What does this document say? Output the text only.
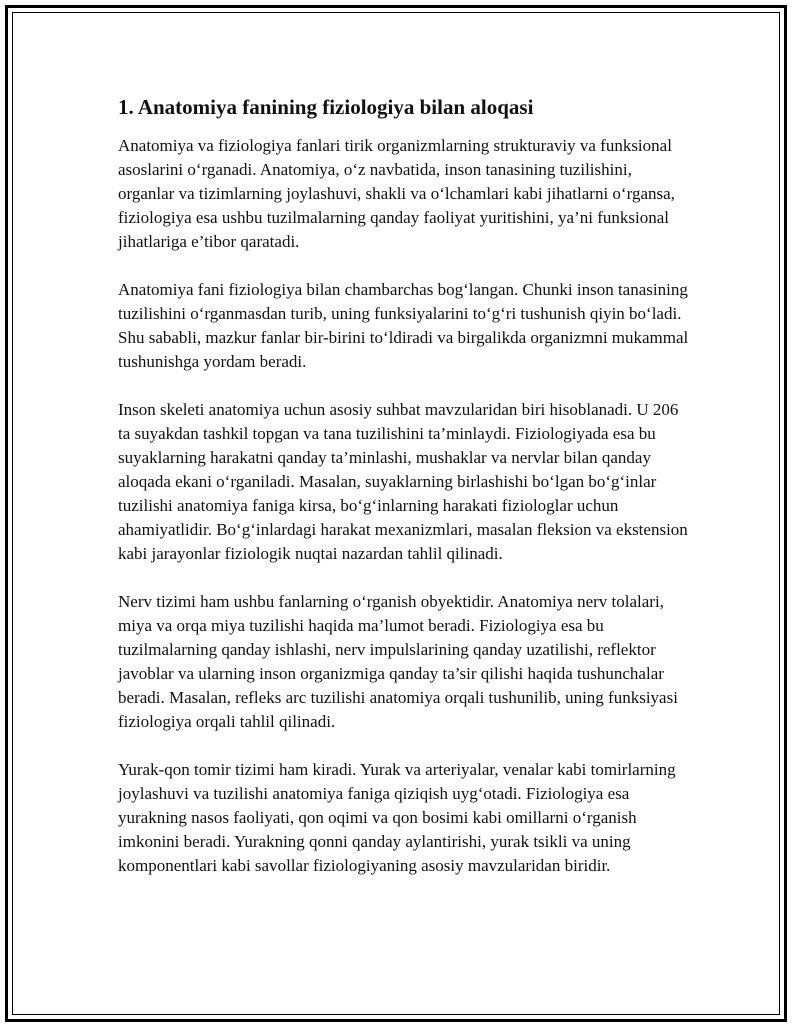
1. Anatomiya fanining fiziologiya bilan aloqasi

Anatomiya va fiziologiya fanlari tirik organizmlarning strukturaviy va funksional asoslarini oʻrganadi. Anatomiya, oʻz navbatida, inson tanasining tuzilishini, organlar va tizimlarning joylashuvi, shakli va oʻlchamlari kabi jihatlarni oʻrgansa, fiziologiya esa ushbu tuzilmalarning qanday faoliyat yuritishini, ya’ni funksional jihatlariga e’tibor qaratadi.

Anatomiya fani fiziologiya bilan chambarchas bogʻlangan. Chunki inson tanasining tuzilishini oʻrganmasdan turib, uning funksiyalarini toʻgʻri tushunish qiyin boʻladi. Shu sababli, mazkur fanlar bir-birini toʻldiradi va birgalikda organizmni mukammal tushunishga yordam beradi.

Inson skeleti anatomiya uchun asosiy suhbat mavzularidan biri hisoblanadi. U 206 ta suyakdan tashkil topgan va tana tuzilishini ta’minlaydi. Fiziologiyada esa bu suyaklarning harakatni qanday ta’minlashi, mushaklar va nervlar bilan qanday aloqada ekani oʻrganiladi. Masalan, suyaklarning birlashishi boʻlgan boʻgʻinlar tuzilishi anatomiya faniga kirsa, boʻgʻinlarning harakati fiziologlar uchun ahamiyatlidir. Boʻgʻinlardagi harakat mexanizmlari, masalan fleksion va ekstension kabi jarayonlar fiziologik nuqtai nazardan tahlil qilinadi.

Nerv tizimi ham ushbu fanlarning oʻrganish obyektidir. Anatomiya nerv tolalari, miya va orqa miya tuzilishi haqida ma’lumot beradi. Fiziologiya esa bu tuzilmalarning qanday ishlashi, nerv impulslarining qanday uzatilishi, reflektor javoblar va ularning inson organizmiga qanday ta’sir qilishi haqida tushunchalar beradi. Masalan, refleks arc tuzilishi anatomiya orqali tushunilib, uning funksiyasi fiziologiya orqali tahlil qilinadi.

Yurak-qon tomir tizimi ham kiradi. Yurak va arteriyalar, venalar kabi tomirlarning joylashuvi va tuzilishi anatomiya faniga qiziqish uygʻotadi. Fiziologiya esa yurakning nasos faoliyati, qon oqimi va qon bosimi kabi omillarni oʻrganish imkonini beradi. Yurakning qonni qanday aylantirishi, yurak tsikli va uning komponentlari kabi savollar fiziologiyaning asosiy mavzularidan biridir.
